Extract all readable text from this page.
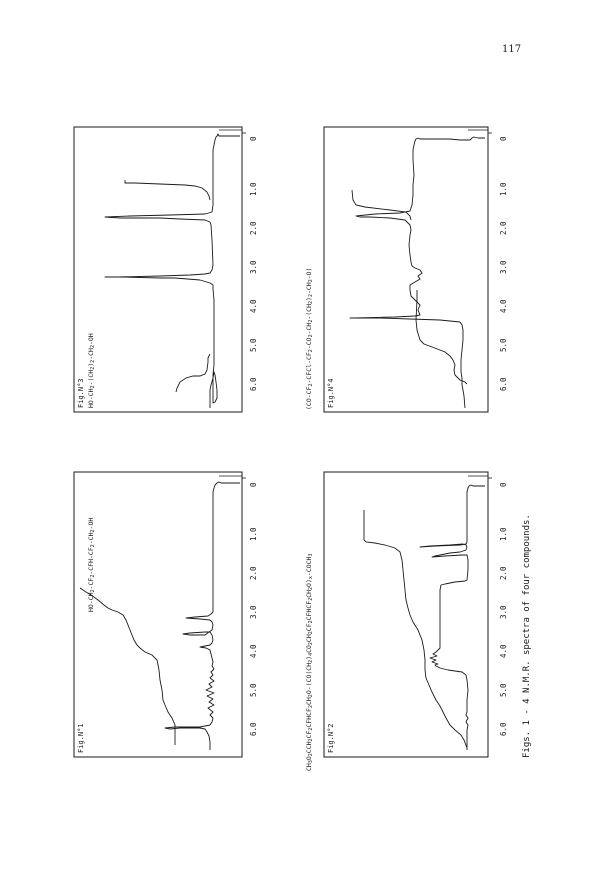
117
Fig.N°3 HO-CH2-(CH2)2-CH2-OH
Fig.N°4
(CO-CF2-CFCl-CF2-CO2-CH2-(CH2)2-CH2-O)
Fig.N°1
HO-CH2-CF2-CFH-CF2-CH2-OH
Fig.N°2
CH3O2CCH2CF2CFHCF2CH2O-(CO(CH2)4CO2CH2CF2CFHCF2CH2O)x-COCH3
6.0
5.0
4.0
3.0
2.0
1.0
0
6.0
5.0
4.0
3.0
2.0
1.0
0
6.0
5.0
4.0
3.0
2.0
1.0
0
6.0
5.0
4.0
3.0
2.0
1.0
0
Figs. 1 - 4 N.M.R. spectra of four compounds.
